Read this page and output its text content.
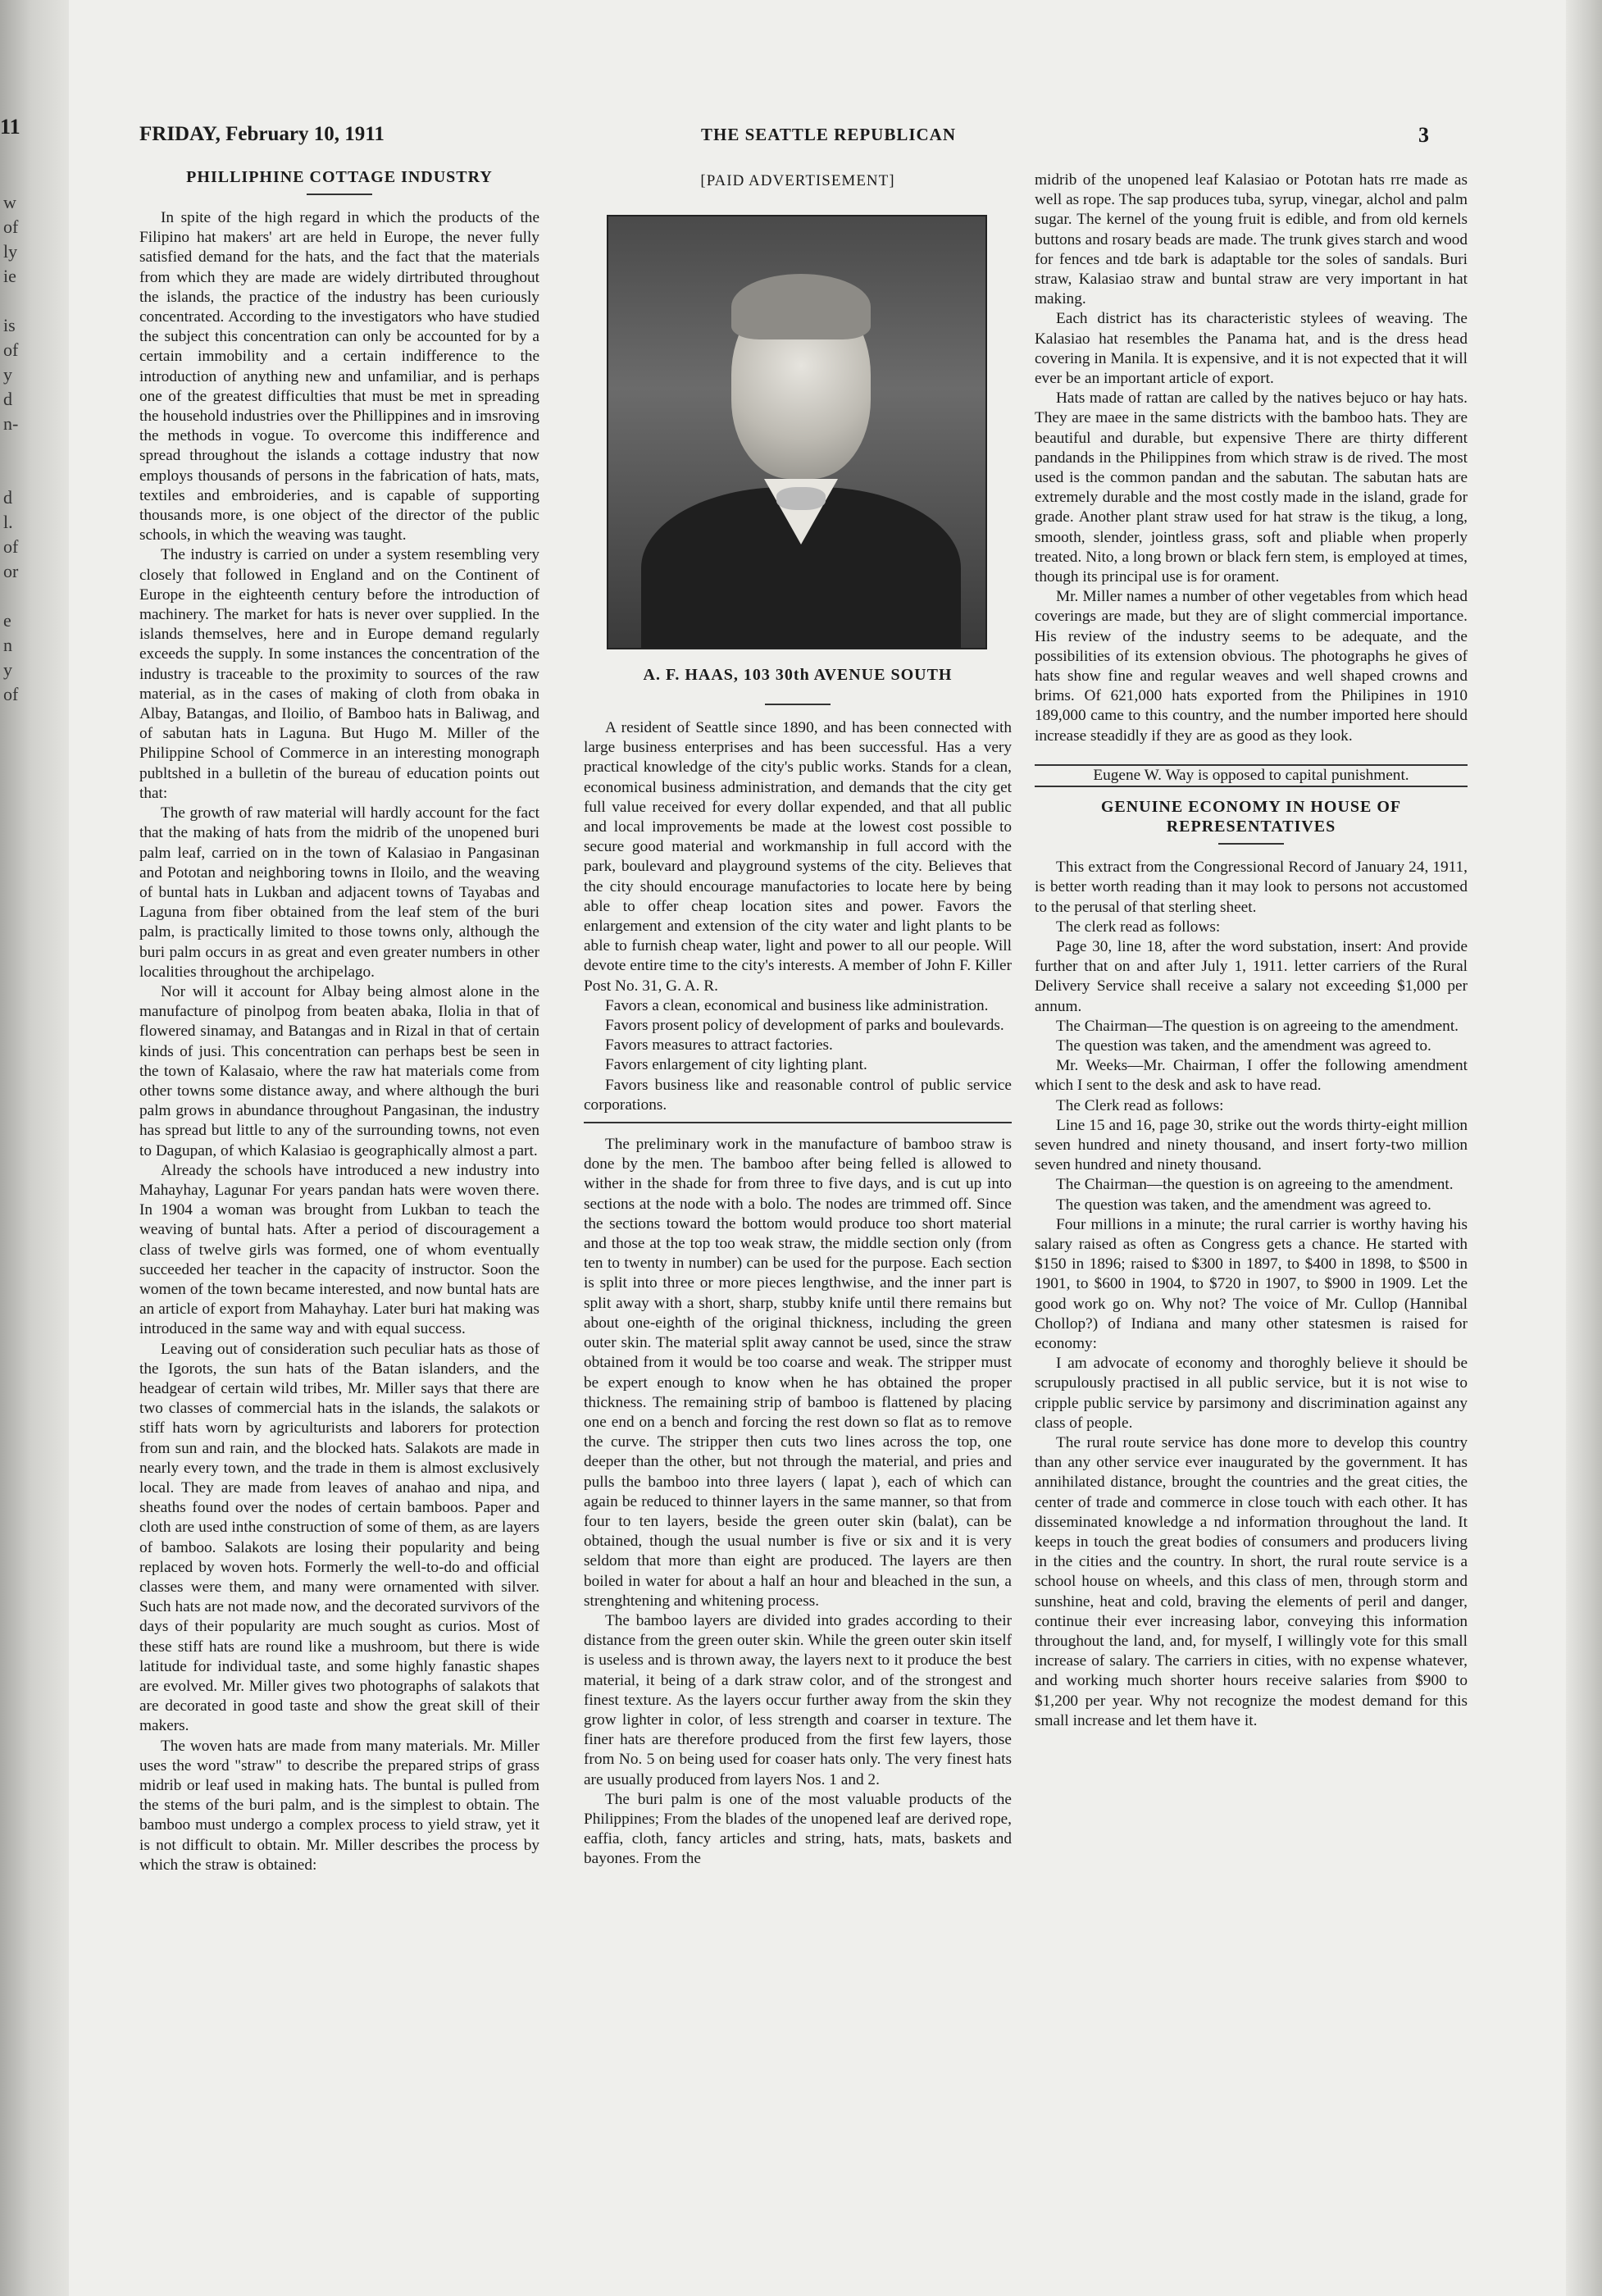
11
w
of
ly
ie

is
of
y
d
n-

d
l.
of
or

e
n
y
of
FRIDAY, February 10, 1911	THE SEATTLE REPUBLICAN	3
PHILLIPHINE COTTAGE INDUSTRY

In spite of the high regard in which the products of the Filipino hat makers' art are held in Europe, the never fully satisfied demand for the hats, and the fact that the materials from which they are made are widely dirtributed throughout the islands, the practice of the industry has been curiously concentrated. According to the investigators who have studied the subject this concentration can only be accounted for by a certain immobility and a certain indifference to the introduction of anything new and unfamiliar, and is perhaps one of the greatest difficulties that must be met in spreading the household industries over the Phillippines and in imsroving the methods in vogue. To overcome this indifference and spread throughout the islands a cottage industry that now employs thousands of persons in the fabrication of hats, mats, textiles and embroideries, and is capable of supporting thousands more, is one object of the director of the public schools, in which the weaving was taught.

The industry is carried on under a system resembling very closely that followed in England and on the Continent of Europe in the eighteenth century before the introduction of machinery. The market for hats is never over supplied. In the islands themselves, here and in Europe demand regularly exceeds the supply. In some instances the concentration of the industry is traceable to the proximity to sources of the raw material, as in the cases of making of cloth from obaka in Albay, Batangas, and Iloilio, of Bamboo hats in Baliwag, and of sabutan hats in Laguna. But Hugo M. Miller of the Philippine School of Commerce in an interesting monograph publtshed in a bulletin of the bureau of education points out that:

The growth of raw material will hardly account for the fact that the making of hats from the midrib of the unopened buri palm leaf, carried on in the town of Kalasiao in Pangasinan and Pototan and neighboring towns in Iloilo, and the weaving of buntal hats in Lukban and adjacent towns of Tayabas and Laguna from fiber obtained from the leaf stem of the buri palm, is practically limited to those towns only, although the buri palm occurs in as great and even greater numbers in other localities throughout the archipelago.

Nor will it account for Albay being almost alone in the manufacture of pinolpog from beaten abaka, Ilolia in that of flowered sinamay, and Batangas and in Rizal in that of certain kinds of jusi. This concentration can perhaps best be seen in the town of Kalasaio, where the raw hat materials come from other towns some distance away, and where although the buri palm grows in abundance throughout Pangasinan, the industry has spread but little to any of the surrounding towns, not even to Dagupan, of which Kalasiao is geographically almost a part.

Already the schools have introduced a new industry into Mahayhay, Lagunar For years pandan hats were woven there. In 1904 a woman was brought from Lukban to teach the weaving of buntal hats. After a period of discouragement a class of twelve girls was formed, one of whom eventually succeeded her teacher in the capacity of instructor. Soon the women of the town became interested, and now buntal hats are an article of export from Mahayhay. Later buri hat making was introduced in the same way and with equal success.

Leaving out of consideration such peculiar hats as those of the Igorots, the sun hats of the Batan islanders, and the headgear of certain wild tribes, Mr. Miller says that there are two classes of commercial hats in the islands, the salakots or stiff hats worn by agriculturists and laborers for protection from sun and rain, and the blocked hats. Salakots are made in nearly every town, and the trade in them is almost exclusively local. They are made from leaves of anahao and nipa, and sheaths found over the nodes of certain bamboos. Paper and cloth are used inthe construction of some of them, as are layers of bamboo. Salakots are losing their popularity and being replaced by woven hots. Formerly the well-to-do and official classes were them, and many were ornamented with silver. Such hats are not made now, and the decorated survivors of the days of their popularity are much sought as curios. Most of these stiff hats are round like a mushroom, but there is wide latitude for individual taste, and some highly fanastic shapes are evolved. Mr. Miller gives two photographs of salakots that are decorated in good taste and show the great skill of their makers.

The woven hats are made from many materials. Mr. Miller uses the word "straw" to describe the prepared strips of grass midrib or leaf used in making hats. The buntal is pulled from the stems of the buri palm, and is the simplest to obtain. The bamboo must undergo a complex process to yield straw, yet it is not difficult to obtain. Mr. Miller describes the process by which the straw is obtained:

[PAID ADVERTISEMENT]
A. F. HAAS, 103 30th AVENUE SOUTH

A resident of Seattle since 1890, and has been connected with large business enterprises and has been successful. Has a very practical knowledge of the city's public works. Stands for a clean, economical business administration, and demands that the city get full value received for every dollar expended, and that all public and local improvements be made at the lowest cost possible to secure good material and workmanship in full accord with the park, boulevard and playground systems of the city. Believes that the city should encourage manufactories to locate here by being able to offer cheap location sites and power. Favors the enlargement and extension of the city water and light plants to be able to furnish cheap water, light and power to all our people. Will devote entire time to the city's interests. A member of John F. Killer Post No. 31, G. A. R.

Favors a clean, economical and business like administration.

Favors prosent policy of development of parks and boulevards.

Favors measures to attract factories.

Favors enlargement of city lighting plant.

Favors business like and reasonable control of public service corporations.

The preliminary work in the manufacture of bamboo straw is done by the men. The bamboo after being felled is allowed to wither in the shade for from three to five days, and is cut up into sections at the node with a bolo. The nodes are trimmed off. Since the sections toward the bottom would produce too short material and those at the top too weak straw, the middle section only (from ten to twenty in number) can be used for the purpose. Each section is split into three or more pieces lengthwise, and the inner part is split away with a short, sharp, stubby knife until there remains but about one-eighth of the original thickness, including the green outer skin. The material split away cannot be used, since the straw obtained from it would be too coarse and weak. The stripper must be expert enough to know when he has obtained the proper thickness. The remaining strip of bamboo is flattened by placing one end on a bench and forcing the rest down so flat as to remove the curve. The stripper then cuts two lines across the top, one deeper than the other, but not through the material, and pries and pulls the bamboo into three layers ( lapat ), each of which can again be reduced to thinner layers in the same manner, so that from four to ten layers, beside the green outer skin (balat), can be obtained, though the usual number is five or six and it is very seldom that more than eight are produced. The layers are then boiled in water for about a half an hour and bleached in the sun, a strenghtening and whitening process.

The bamboo layers are divided into grades according to their distance from the green outer skin. While the green outer skin itself is useless and is thrown away, the layers next to it produce the best material, it being of a dark straw color, and of the strongest and finest texture. As the layers occur further away from the skin they grow lighter in color, of less strength and coarser in texture. The finer hats are therefore produced from the first few layers, those from No. 5 on being used for coaser hats only. The very finest hats are usually produced from layers Nos. 1 and 2.

The buri palm is one of the most valuable products of the Philippines; From the blades of the unopened leaf are derived rope, eaffia, cloth, fancy articles and string, hats, mats, baskets and bayones. From the

midrib of the unopened leaf Kalasiao or Pototan hats rre made as well as rope. The sap produces tuba, syrup, vinegar, alchol and palm sugar. The kernel of the young fruit is edible, and from old kernels buttons and rosary beads are made. The trunk gives starch and wood for fences and tde bark is adaptable tor the soles of sandals. Buri straw, Kalasiao straw and buntal straw are very important in hat making.

Each district has its characteristic stylees of weaving. The Kalasiao hat resembles the Panama hat, and is the dress head covering in Manila. It is expensive, and it is not expected that it will ever be an important article of export.

Hats made of rattan are called by the natives bejuco or hay hats. They are maee in the same districts with the bamboo hats. They are beautiful and durable, but expensive There are thirty different pandands in the Philippines from which straw is de rived. The most used is the common pandan and the sabutan. The sabutan hats are extremely durable and the most costly made in the island, grade for grade. Another plant straw used for hat straw is the tikug, a long, smooth, slender, jointless grass, soft and pliable when properly treated. Nito, a long brown or black fern stem, is employed at times, though its principal use is for orament.

Mr. Miller names a number of other vegetables from which head coverings are made, but they are of slight commercial importance. His review of the industry seems to be adequate, and the possibilities of its extension obvious. The photographs he gives of hats show fine and regular weaves and well shaped crowns and brims. Of 621,000 hats exported from the Philipines in 1910 189,000 came to this country, and the number imported here should increase steadidly if they are as good as they look.

Eugene W. Way is opposed to capital punishment.

GENUINE ECONOMY IN HOUSE OF REPRESENTATIVES

This extract from the Congressional Record of January 24, 1911, is better worth reading than it may look to persons not accustomed to the perusal of that sterling sheet.

The clerk read as follows:

Page 30, line 18, after the word substation, insert: And provide further that on and after July 1, 1911. letter carriers of the Rural Delivery Service shall receive a salary not exceeding $1,000 per annum.

The Chairman—The question is on agreeing to the amendment.

The question was taken, and the amendment was agreed to.

Mr. Weeks—Mr. Chairman, I offer the following amendment which I sent to the desk and ask to have read.

The Clerk read as follows:

Line 15 and 16, page 30, strike out the words thirty-eight million seven hundred and ninety thousand, and insert forty-two million seven hundred and ninety thousand.

The Chairman—the question is on agreeing to the amendment.

The question was taken, and the amendment was agreed to.

Four millions in a minute; the rural carrier is worthy having his salary raised as often as Congress gets a chance. He started with $150 in 1896; raised to $300 in 1897, to $400 in 1898, to $500 in 1901, to $600 in 1904, to $720 in 1907, to $900 in 1909. Let the good work go on. Why not? The voice of Mr. Cullop (Hannibal Chollop?) of Indiana and many other statesmen is raised for economy:

I am advocate of economy and thoroghly believe it should be scrupulously practised in all public service, but it is not wise to cripple public service by parsimony and discrimination against any class of people.

The rural route service has done more to develop this country than any other service ever inaugurated by the government. It has annihilated distance, brought the countries and the great cities, the center of trade and commerce in close touch with each other. It has disseminated knowledge a nd information throughout the land. It keeps in touch the great bodies of consumers and producers living in the cities and the country. In short, the rural route service is a school house on wheels, and this class of men, through storm and sunshine, heat and cold, braving the elements of peril and danger, continue their ever increasing labor, conveying this information throughout the land, and, for myself, I willingly vote for this small increase of salary. The carriers in cities, with no expense whatever, and working much shorter hours receive salaries from $900 to $1,200 per year. Why not recognize the modest demand for this small increase and let them have it.
